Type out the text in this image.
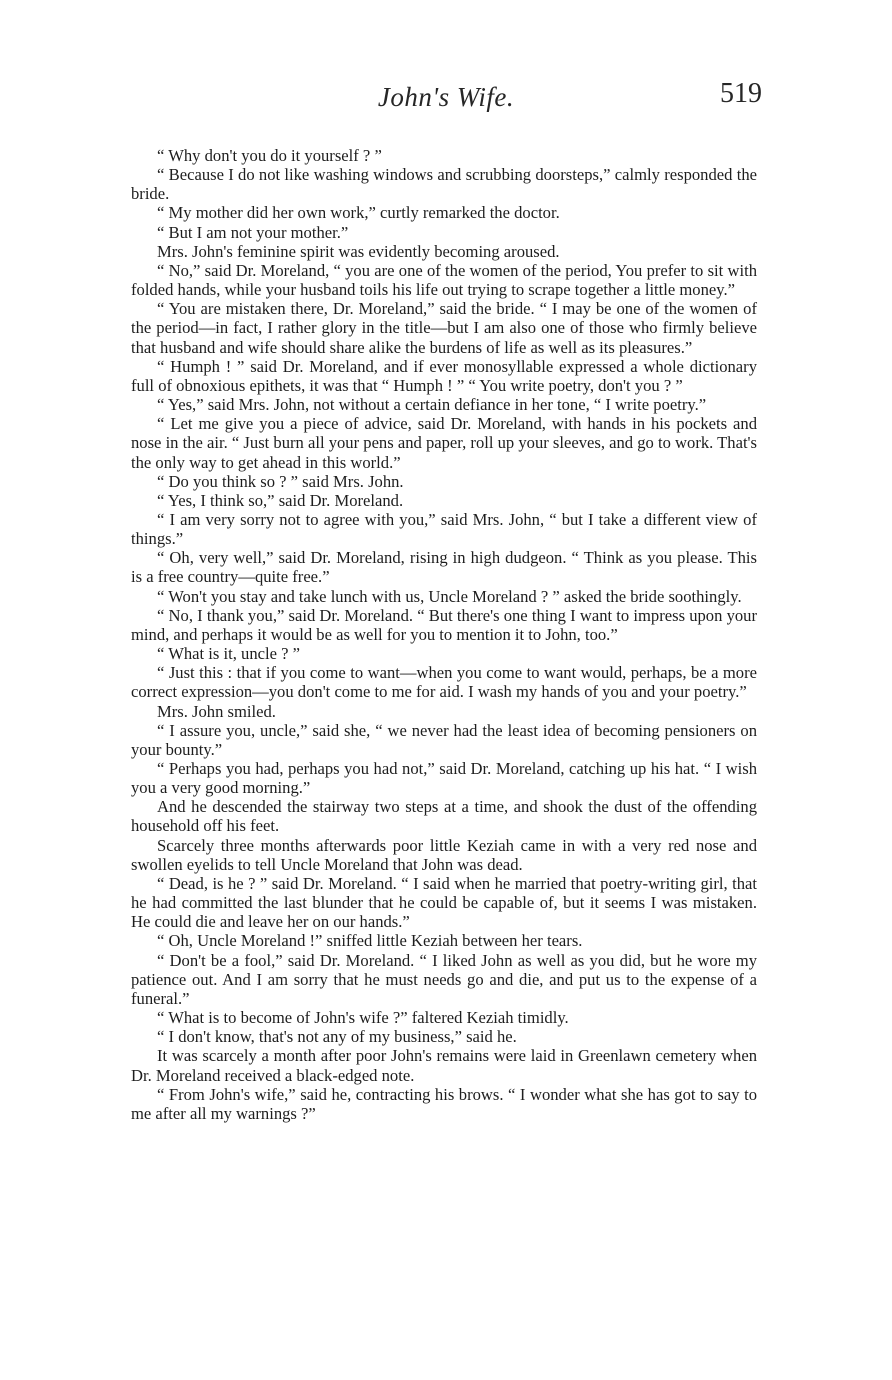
John's Wife.	519

“ Why don't you do it yourself ? ”

“ Because I do not like washing windows and scrubbing doorsteps,” calmly responded the bride.

“ My mother did her own work,” curtly remarked the doctor.

“ But I am not your mother.”

Mrs. John's feminine spirit was evidently becoming aroused.

“ No,” said Dr. Moreland, “ you are one of the women of the period, You prefer to sit with folded hands, while your husband toils his life out trying to scrape together a little money.”

“ You are mistaken there, Dr. Moreland,” said the bride. “ I may be one of the women of the period—in fact, I rather glory in the title—but I am also one of those who firmly believe that husband and wife should share alike the burdens of life as well as its pleasures.”

“ Humph ! ” said Dr. Moreland, and if ever monosyllable expressed a whole dictionary full of obnoxious epithets, it was that “ Humph ! ” “ You write poetry, don't you ? ”

“ Yes,” said Mrs. John, not without a certain defiance in her tone, “ I write poetry.”

“ Let me give you a piece of advice, said Dr. Moreland, with hands in his pockets and nose in the air. “ Just burn all your pens and paper, roll up your sleeves, and go to work. That's the only way to get ahead in this world.”

“ Do you think so ? ” said Mrs. John.

“ Yes, I think so,” said Dr. Moreland.

“ I am very sorry not to agree with you,” said Mrs. John, “ but I take a different view of things.”

“ Oh, very well,” said Dr. Moreland, rising in high dudgeon. “ Think as you please. This is a free country—quite free.”

“ Won't you stay and take lunch with us, Uncle Moreland ? ” asked the bride soothingly.

“ No, I thank you,” said Dr. Moreland. “ But there's one thing I want to impress upon your mind, and perhaps it would be as well for you to mention it to John, too.”

“ What is it, uncle ? ”

“ Just this : that if you come to want—when you come to want would, perhaps, be a more correct expression—you don't come to me for aid. I wash my hands of you and your poetry.”

Mrs. John smiled.

“ I assure you, uncle,” said she, “ we never had the least idea of becoming pensioners on your bounty.”

“ Perhaps you had, perhaps you had not,” said Dr. Moreland, catching up his hat. “ I wish you a very good morning.”

And he descended the stairway two steps at a time, and shook the dust of the offending household off his feet.

Scarcely three months afterwards poor little Keziah came in with a very red nose and swollen eyelids to tell Uncle Moreland that John was dead.

“ Dead, is he ? ” said Dr. Moreland. “ I said when he married that poetry-writing girl, that he had committed the last blunder that he could be capable of, but it seems I was mistaken. He could die and leave her on our hands.”

“ Oh, Uncle Moreland !” sniffed little Keziah between her tears.

“ Don't be a fool,” said Dr. Moreland. “ I liked John as well as you did, but he wore my patience out. And I am sorry that he must needs go and die, and put us to the expense of a funeral.”

“ What is to become of John's wife ?” faltered Keziah timidly.

“ I don't know, that's not any of my business,” said he.

It was scarcely a month after poor John's remains were laid in Greenlawn cemetery when Dr. Moreland received a black-edged note.

“ From John's wife,” said he, contracting his brows. “ I wonder what she has got to say to me after all my warnings ?”
